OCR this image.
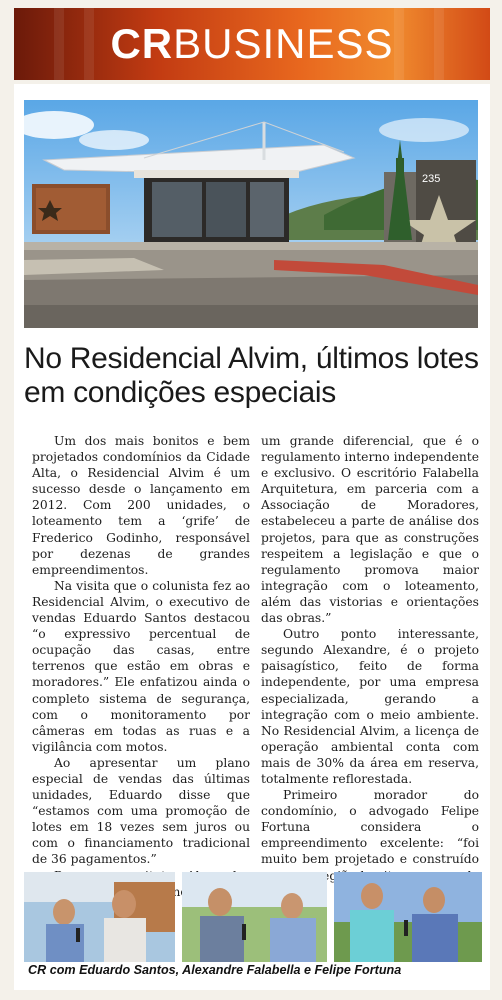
CRBUSINESS
235
No Residencial Alvim, últimos lotes em condições especiais

Um dos mais bonitos e bem projetados condomínios da Cidade Alta, o Residencial Alvim é um sucesso desde o lançamento em 2012. Com 200 unidades, o loteamento tem a ‘grife’ de Frederico Godinho, responsável por dezenas de grandes empreendimentos.

Na visita que o colunista fez ao Residencial Alvim, o executivo de vendas Eduardo Santos destacou “o expressivo percentual de ocupação das casas, entre terrenos que estão em obras e moradores.” Ele enfatizou ainda o completo sistema de segurança, com o monitoramento por câmeras em todas as ruas e a vigilância com motos.

Ao apresentar um plano especial de vendas das últimas unidades, Eduardo disse que “estamos com uma promoção de lotes em 18 vezes sem juros ou com o financiamento tradicional de 36 pagamentos.”

um grande diferencial, que é o regulamento interno independente e exclusivo. O escritório Falabella Arquitetura, em parceria com a Associação de Moradores, estabeleceu a parte de análise dos projetos, para que as construções respeitem a legislação e que o regulamento promova maior integração com o loteamento, além das vistorias e orientações das obras.”

Outro ponto interessante, segundo Alexandre, é o projeto paisagístico, feito de forma independente, por uma empresa especializada, gerando a integração com o meio ambiente. No Residencial Alvim, a licença de operação ambiental conta com mais de 30% da área em reserva, totalmente reflorestada.

Primeiro morador do condomínio, o advogado Felipe Fortuna considera o empreendimento excelente: “foi muito bem projetado e construído

CR com Eduardo Santos, Alexandre Falabella e Felipe Fortuna
